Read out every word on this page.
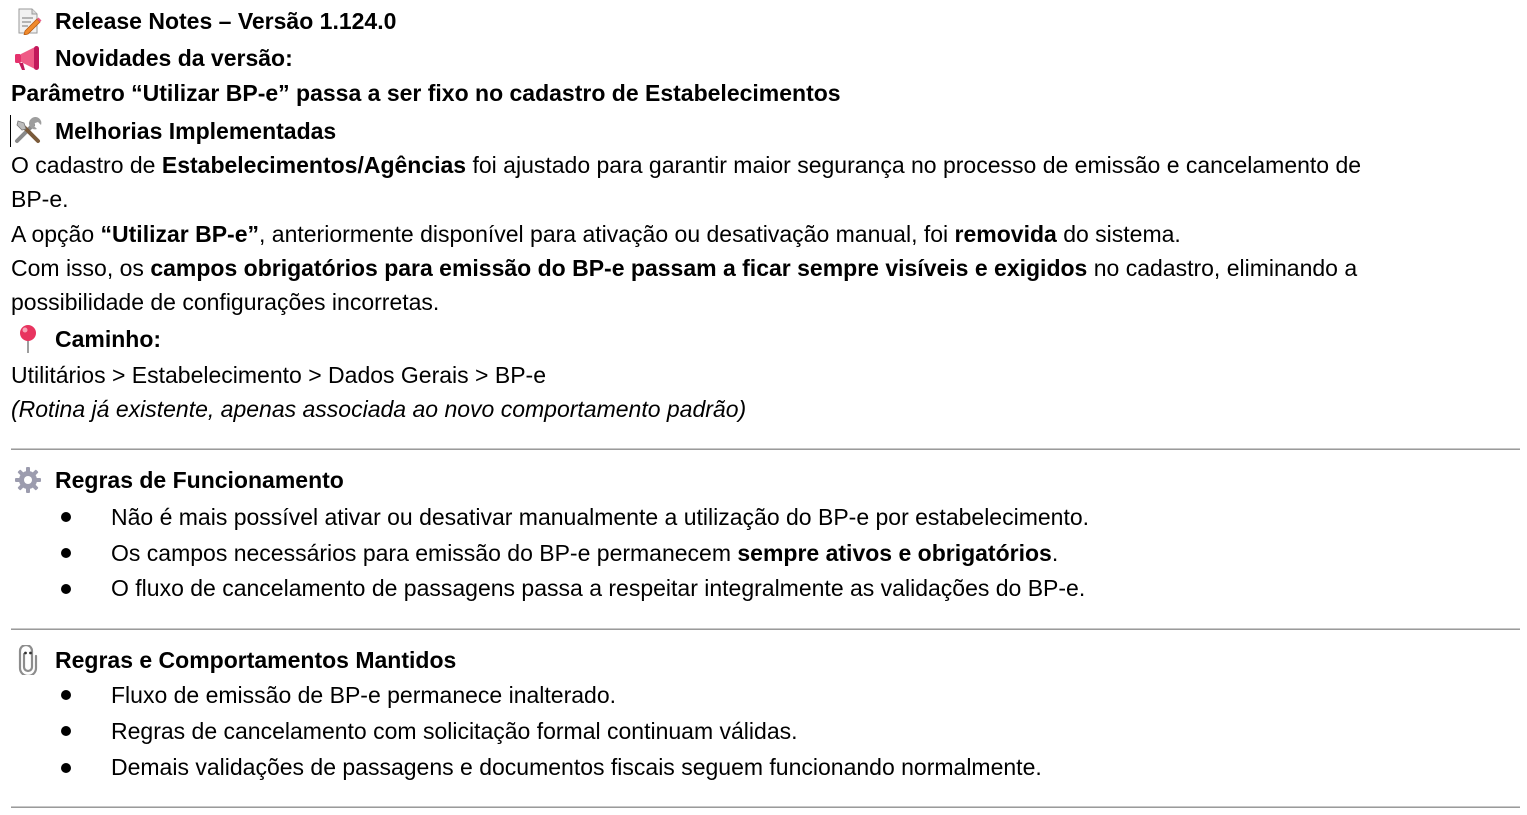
Release Notes – Versão 1.124.0
Novidades da versão:
Parâmetro “Utilizar BP-e” passa a ser fixo no cadastro de Estabelecimentos
Melhorias Implementadas
O cadastro de Estabelecimentos/Agências foi ajustado para garantir maior segurança no processo de emissão e cancelamento de
BP-e.
A opção “Utilizar BP-e”, anteriormente disponível para ativação ou desativação manual, foi removida do sistema.
Com isso, os campos obrigatórios para emissão do BP-e passam a ficar sempre visíveis e exigidos no cadastro, eliminando a
possibilidade de configurações incorretas.
Caminho:
Utilitários > Estabelecimento > Dados Gerais > BP-e
(Rotina já existente, apenas associada ao novo comportamento padrão)
Regras de Funcionamento
Não é mais possível ativar ou desativar manualmente a utilização do BP-e por estabelecimento.
Os campos necessários para emissão do BP-e permanecem sempre ativos e obrigatórios.
O fluxo de cancelamento de passagens passa a respeitar integralmente as validações do BP-e.
Regras e Comportamentos Mantidos
Fluxo de emissão de BP-e permanece inalterado.
Regras de cancelamento com solicitação formal continuam válidas.
Demais validações de passagens e documentos fiscais seguem funcionando normalmente.
